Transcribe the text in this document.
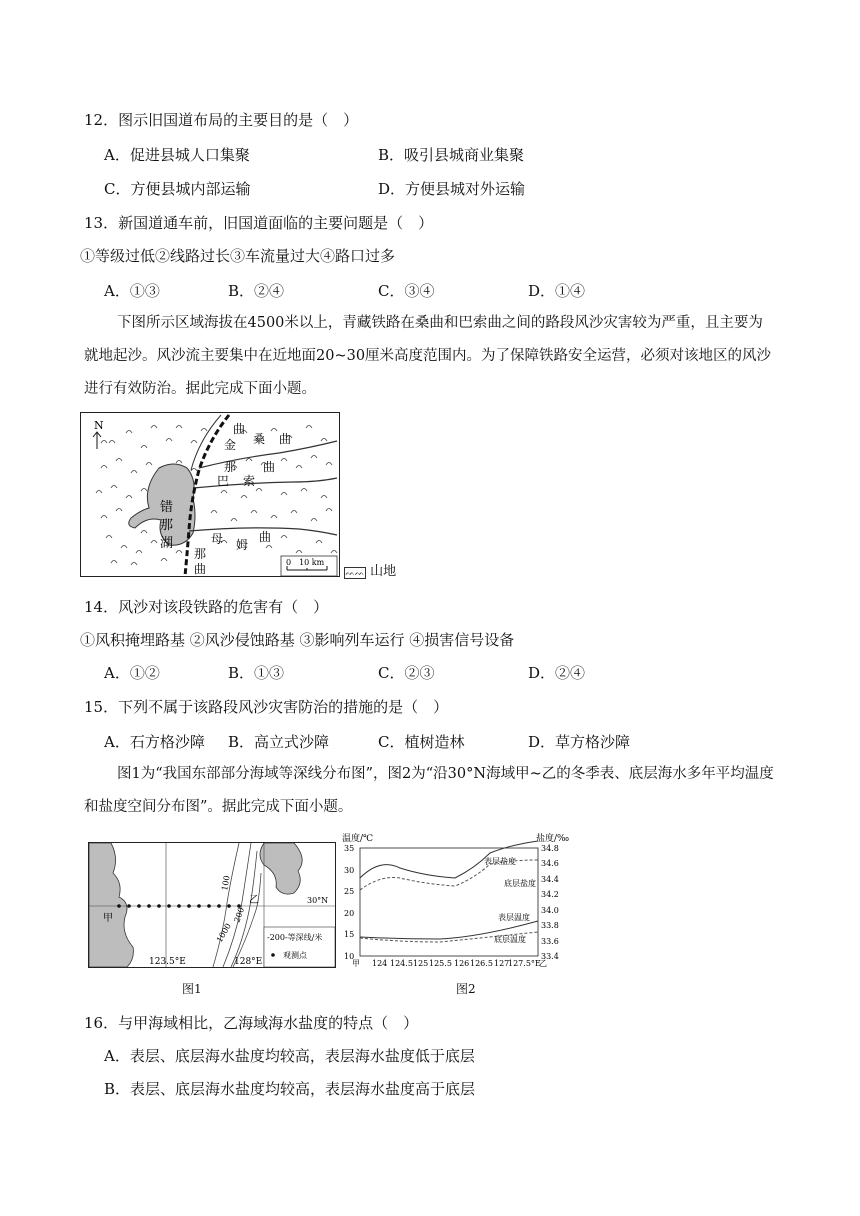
12．图示旧国道布局的主要目的是（　）
A．促进县城人口集聚	B．吸引县城商业集聚
C．方便县城内部运输	D．方便县城对外运输
13．新国道通车前，旧国道面临的主要问题是（　）
①等级过低②线路过长③车流量过大④路口过多
A．①③	B．②④	C．③④	D．①④
下图所示区域海拔在4500米以上，青藏铁路在桑曲和巴索曲之间的路段风沙灾害较为严重，且主要为就地起沙。风沙流主要集中在近地面20~30厘米高度范围内。为了保障铁路安全运营，必须对该地区的风沙进行有效防治。据此完成下面小题。
N
错
那
湖
曲
桑 曲
金
那
巴 索
曲
母 姆
曲
那
曲	0　10 km
ᨓᨓ 山地
14．风沙对该段铁路的危害有（　）
①风积掩埋路基 ②风沙侵蚀路基 ③影响列车运行 ④损害信号设备
A．①②	B．①③	C．②③	D．②④
15．下列不属于该路段风沙灾害防治的措施的是（　）
A．石方格沙障 B．高立式沙障	C．植树造林	D．草方格沙障
图1为“我国东部部分海域等深线分布图”，图2为“沿30°N海域甲~乙的冬季表、底层海水多年平均温度和盐度空间分布图”。据此完成下面小题。
甲
乙
100
200
1000
30°N
123.5°E	128°E
-200-等深线/米
观测点
图1
温度/℃	盐度/‰
10
15
20
25
30
35
33.4
33.6
33.8
34.0
34.2
34.4
34.6
34.8
甲 124 124.5 125 125.5 126 126.5 127
127.5°E
乙
表层盐度
底层盐度
表层温度
底层温度
图2
16．与甲海域相比，乙海域海水盐度的特点（　）
A．表层、底层海水盐度均较高，表层海水盐度低于底层
B．表层、底层海水盐度均较高，表层海水盐度高于底层
